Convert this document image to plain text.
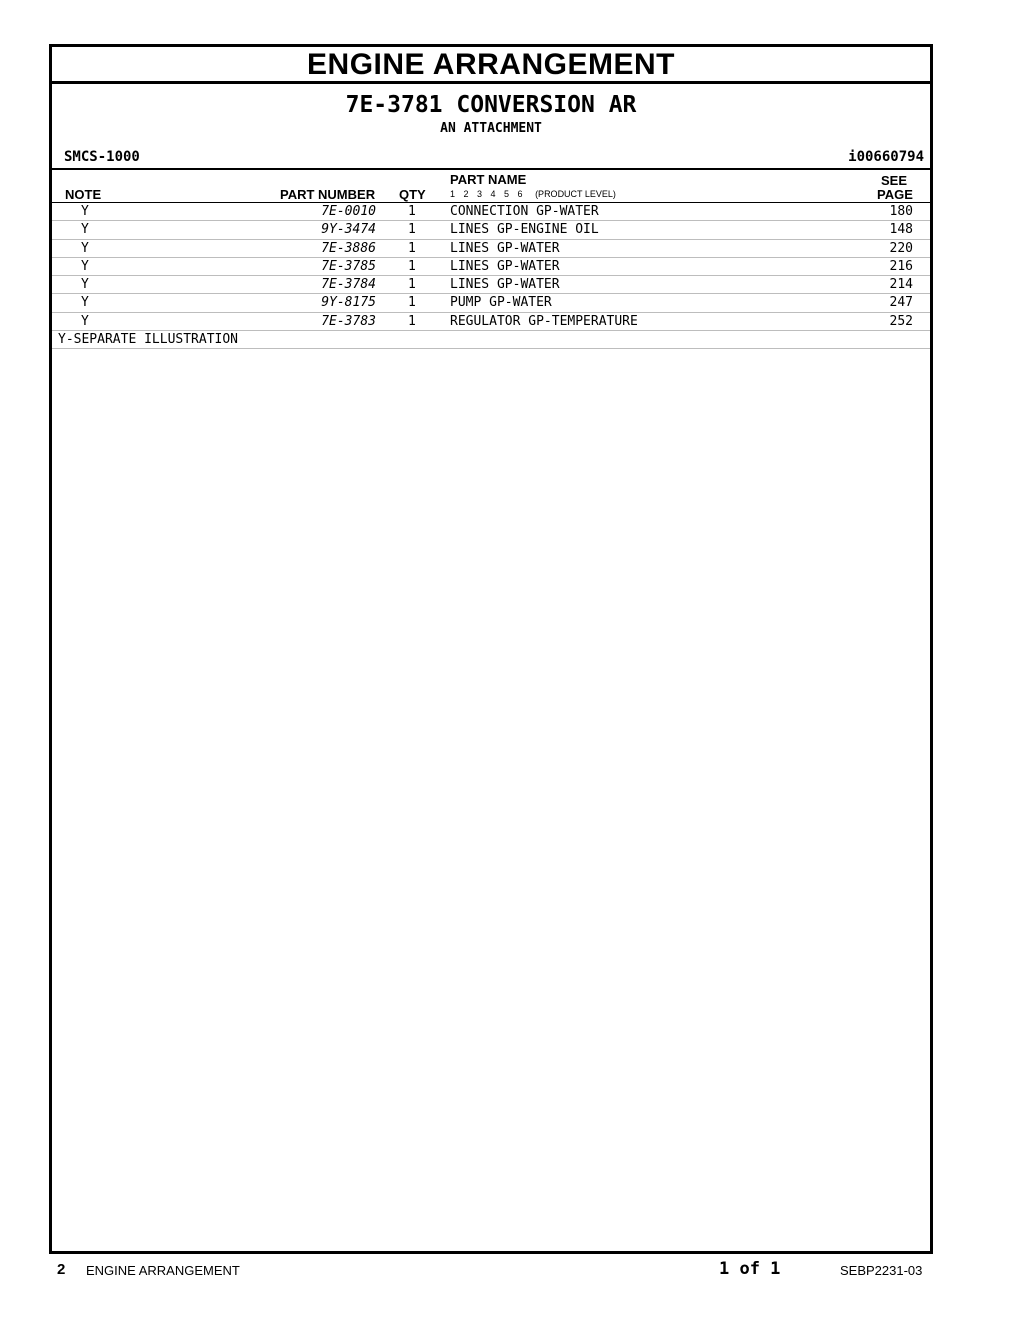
ENGINE ARRANGEMENT
7E-3781 CONVERSION AR
AN ATTACHMENT
SMCS-1000	i00660794
NOTE	PART NUMBER QTY
PART NAME
1 2 3 4 5 6 (PRODUCT LEVEL)
SEE
PAGE
Y	7E-0010 1	CONNECTION GP-WATER	180
Y	9Y-3474 1	LINES GP-ENGINE OIL	148
Y	7E-3886 1	LINES GP-WATER	220
Y	7E-3785 1	LINES GP-WATER	216
Y	7E-3784 1	LINES GP-WATER	214
Y	9Y-8175 1	PUMP GP-WATER	247
Y	7E-3783 1	REGULATOR GP-TEMPERATURE	252
Y-SEPARATE ILLUSTRATION
2 ENGINE ARRANGEMENT	1 of 1	SEBP2231-03
